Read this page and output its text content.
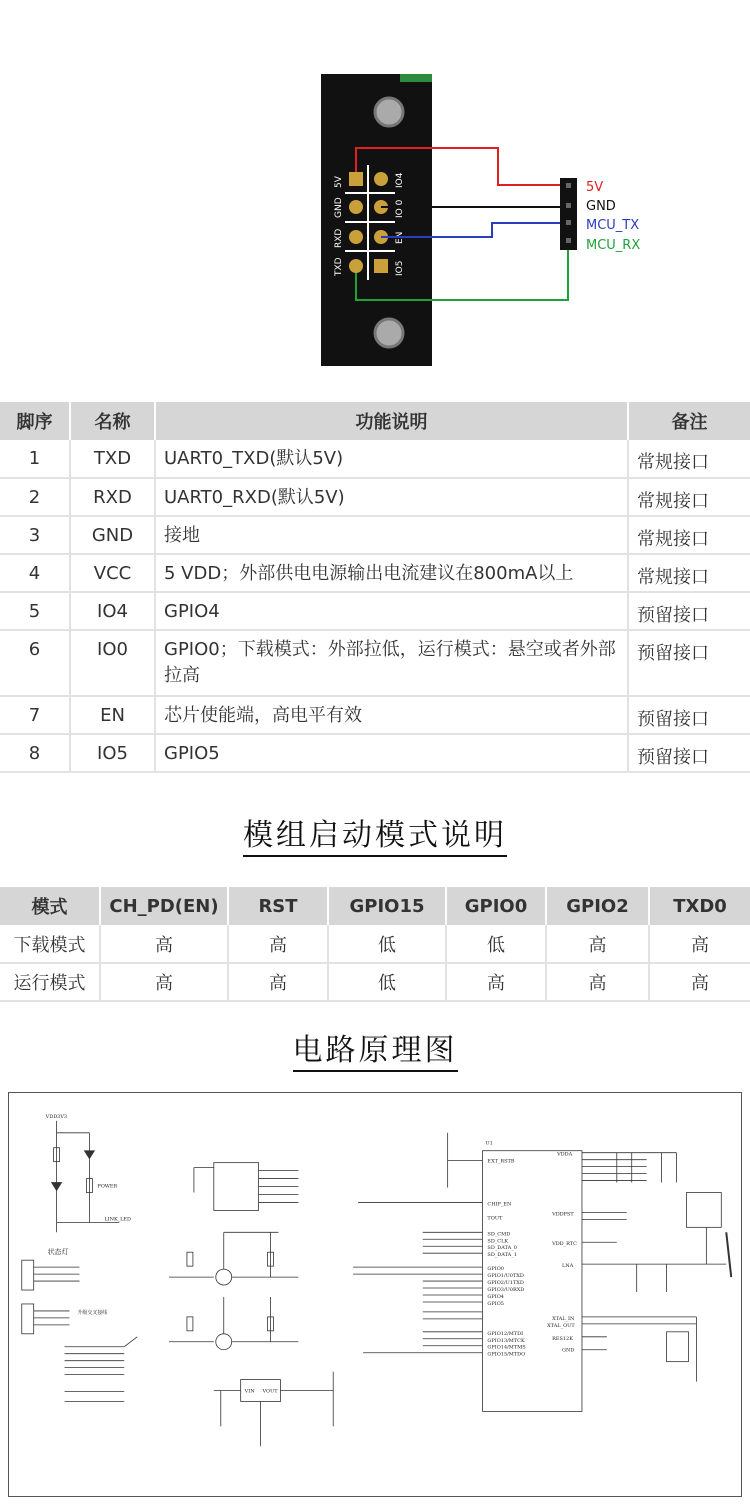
5V
GND
RXD
TXD
IO4
IO 0
EN
IO5
5V
GND
MCU_TX
MCU_RX
脚序	名称	功能说明	备注
1	TXD	UART0_TXD(默认5V)	常规接口
2	RXD	UART0_RXD(默认5V)	常规接口
3	GND	接地	常规接口
4	VCC	5 VDD；外部供电电源输出电流建议在800mA以上	常规接口
5	IO4	GPIO4	预留接口
6	IO0	GPIO0；下载模式：外部拉低，运行模式：悬空或者外部拉高	预留接口
7	EN	芯片使能端，高电平有效	预留接口
8	IO5	GPIO5	预留接口
模组启动模式说明
模式	CH_PD(EN)	RST	GPIO15	GPIO0	GPIO2	TXD0
下载模式	高	高	低	低	高	高
运行模式	高	高	低	高	高	高
电路原理图
VDD3V3
POWER
LINK_LED
状态灯
升级交叉接线
U1
EXT_RSTB
CHIP_EN
TOUT
SD_CMD
SD_CLK
SD_DATA_0
SD_DATA_1
GPIO0
GPIO1/U0TXD
GPIO2/U1TXD
GPIO3/U0RXD
GPIO4
GPIO5
GPIO12/MTDI
GPIO13/MTCK
GPIO14/MTMS
GPIO15/MTDO
VDDA
VDDPST
VDD_RTC
LNA
XTAL_IN
XTAL_OUT
RES12K
GND
VIN VOUT
